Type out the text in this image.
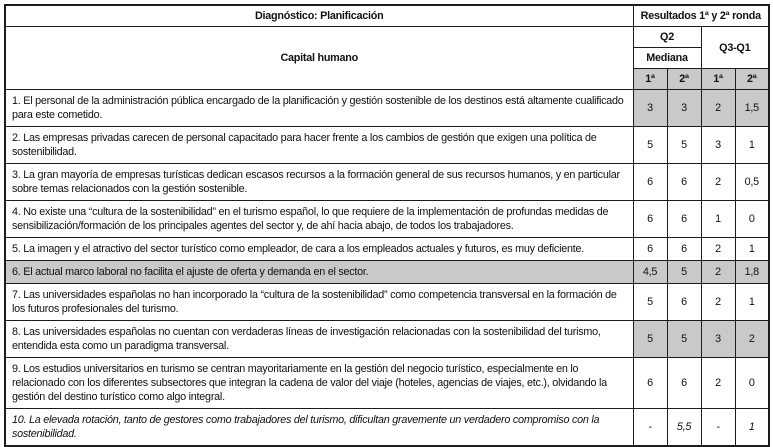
Diagnóstico: Planificación	Resultados 1ª y 2ª ronda			
Capital humano	Q2		Q3-Q1	
	Mediana			
	1ª	2ª	1ª	2ª
1. El personal de la administración pública encargado de la planificación y gestión sostenible de los destinos está altamente cualificado para este cometido.	3	3	2	1,5
2. Las empresas privadas carecen de personal capacitado para hacer frente a los cambios de gestión que exigen una política de sostenibilidad.	5	5	3	1
3. La gran mayoría de empresas turísticas dedican escasos recursos a la formación general de sus recursos humanos, y en particular sobre temas relacionados con la gestión sostenible.	6	6	2	0,5
4. No existe una “cultura de la sostenibilidad” en el turismo español, lo que requiere de la implementación de profundas medidas de sensibilización/formación de los principales agentes del sector y, de ahí hacia abajo, de todos los trabajadores.	6	6	1	0
5. La imagen y el atractivo del sector turístico como empleador, de cara a los empleados actuales y futuros, es muy deficiente.	6	6	2	1
6. El actual marco laboral no facilita el ajuste de oferta y demanda en el sector.	4,5	5	2	1,8
7. Las universidades españolas no han incorporado la “cultura de la sostenibilidad” como competencia transversal en la formación de los futuros profesionales del turismo.	5	6	2	1
8. Las universidades españolas no cuentan con verdaderas líneas de investigación relacionadas con la sostenibilidad del turismo, entendida esta como un paradigma transversal.	5	5	3	2
9. Los estudios universitarios en turismo se centran mayoritariamente en la gestión del negocio turístico, especialmente en lo relacionado con los diferentes subsectores que integran la cadena de valor del viaje (hoteles, agencias de viajes, etc.), olvidando la gestión del destino turístico como algo integral.	6	6	2	0
10. La elevada rotación, tanto de gestores como trabajadores del turismo, dificultan gravemente un verdadero compromiso con la sostenibilidad.	-	5,5	-	1
